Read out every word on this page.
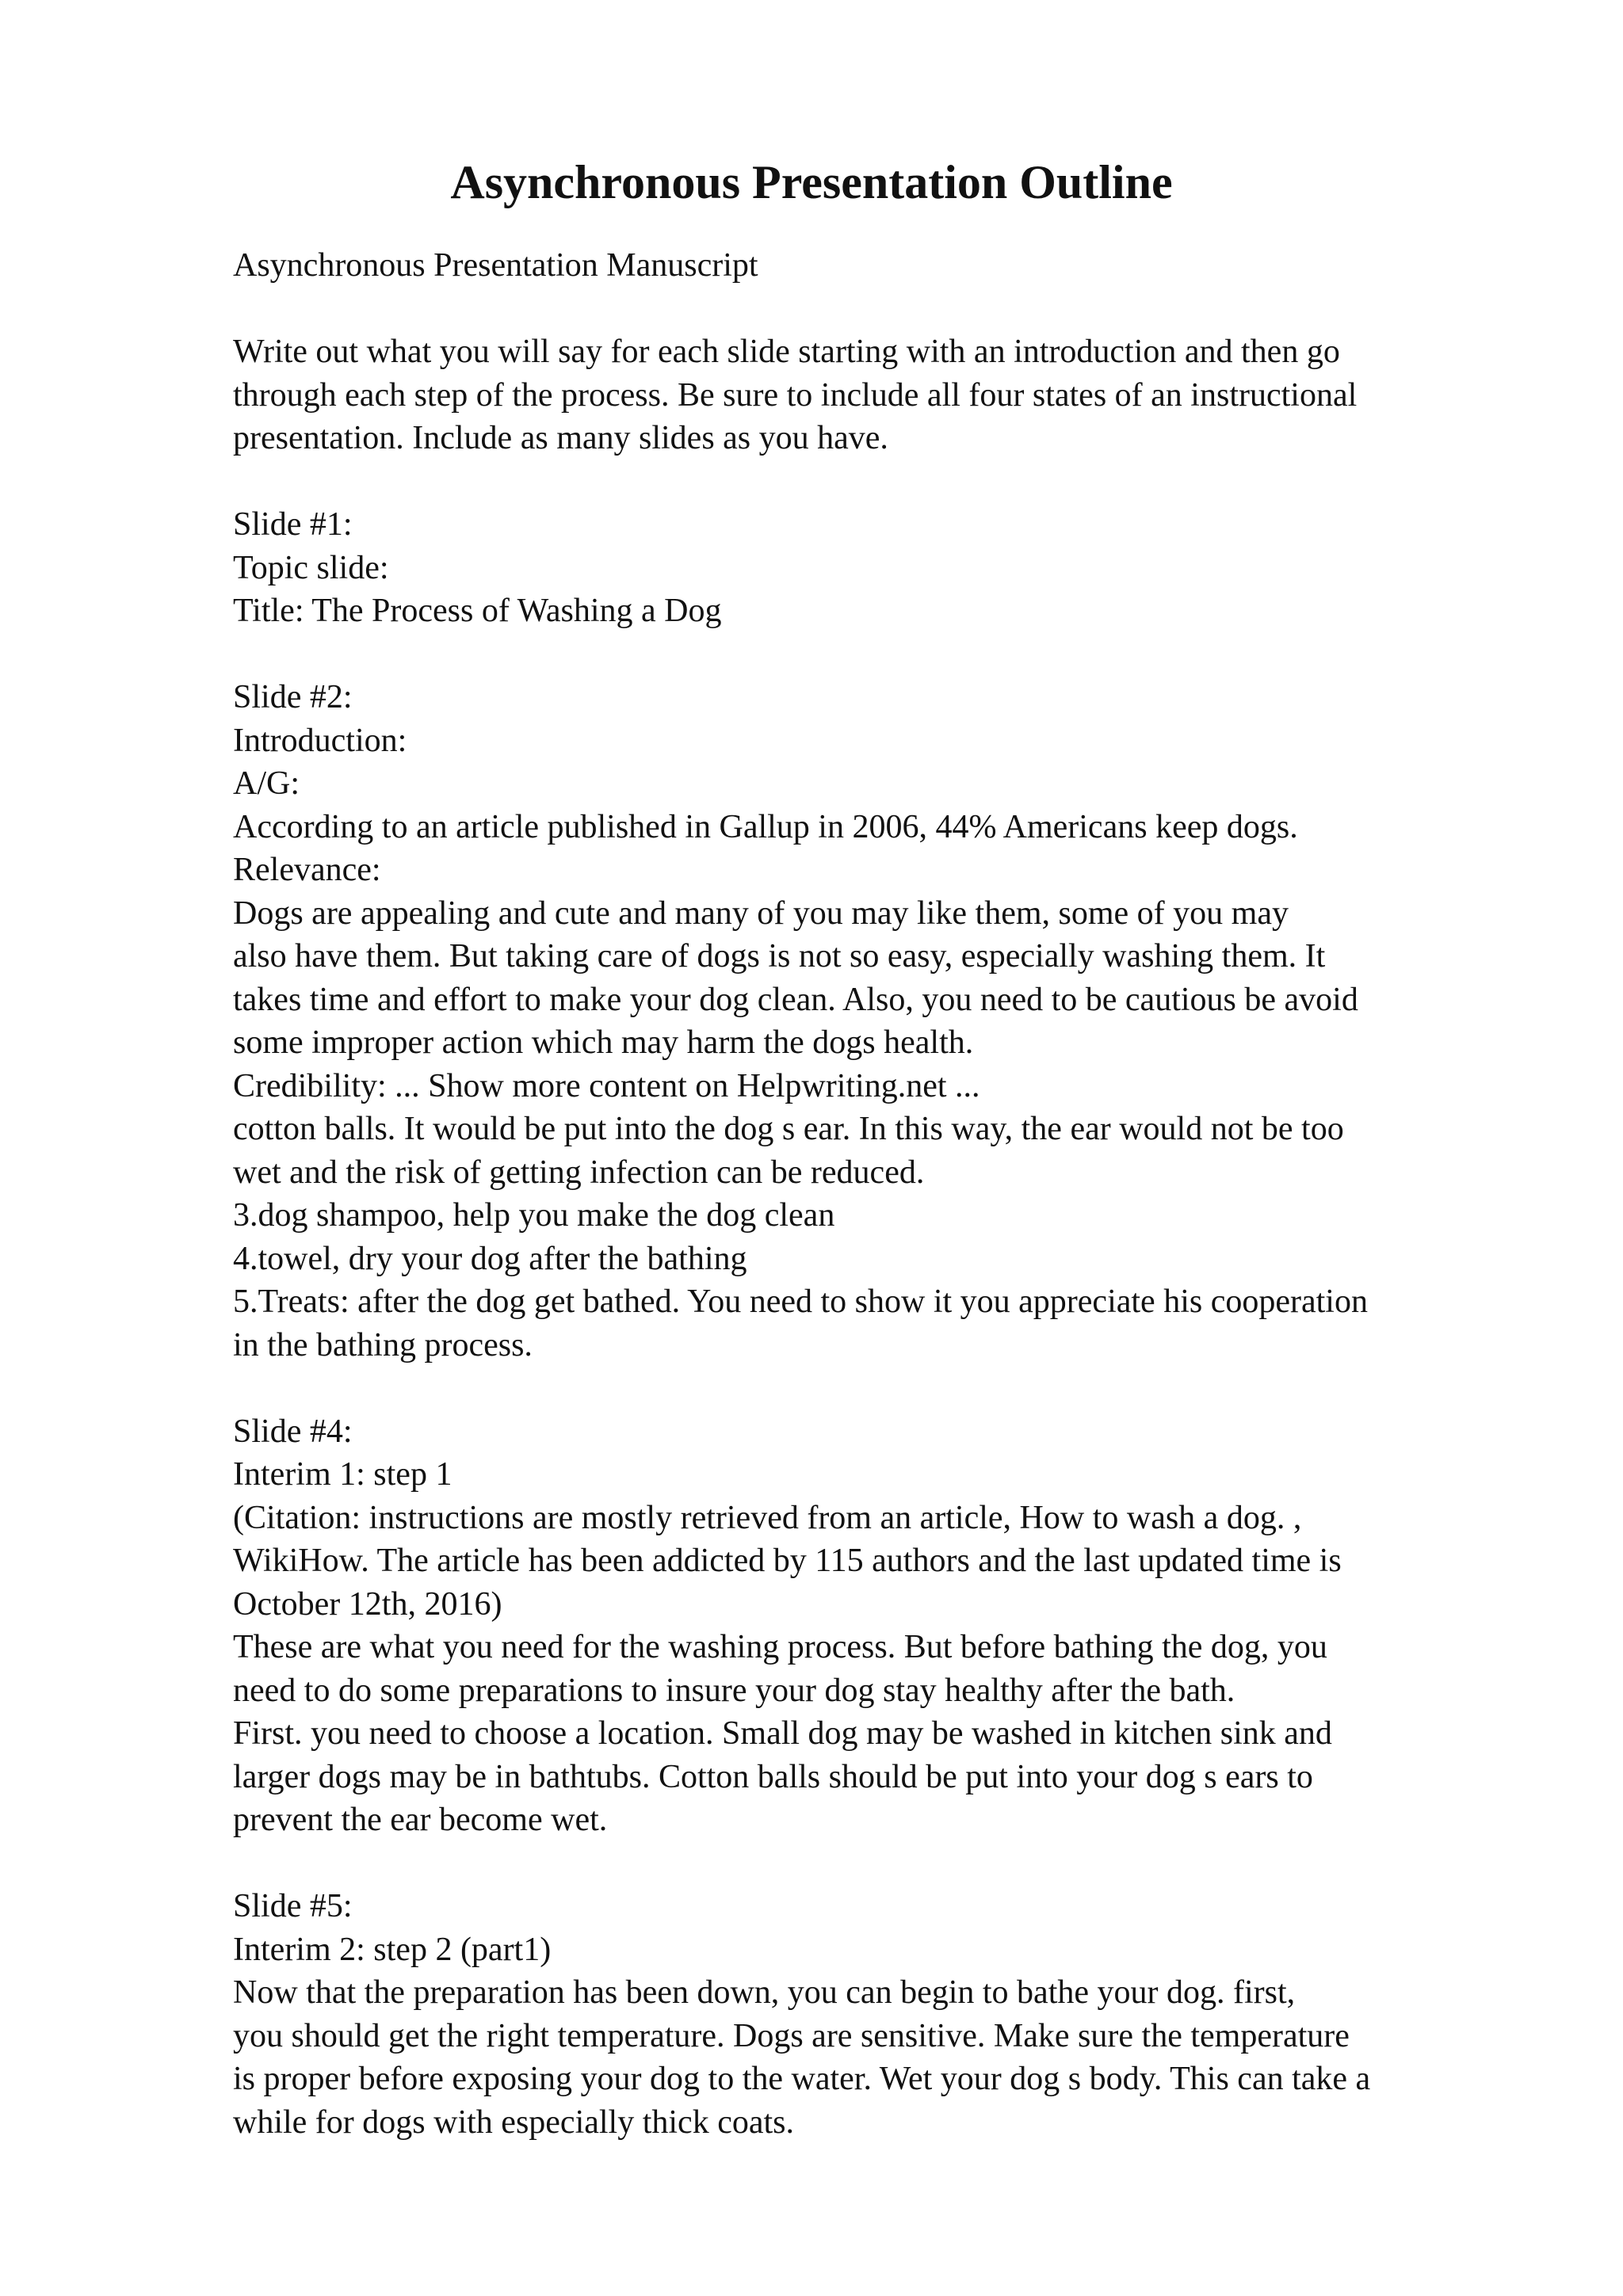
Asynchronous Presentation Outline
Asynchronous Presentation Manuscript
Write out what you will say for each slide starting with an introduction and then go
through each step of the process. Be sure to include all four states of an instructional
presentation. Include as many slides as you have.
Slide #1:
Topic slide:
Title: The Process of Washing a Dog
Slide #2:
Introduction:
A/G:
According to an article published in Gallup in 2006, 44% Americans keep dogs.
Relevance:
Dogs are appealing and cute and many of you may like them, some of you may
also have them. But taking care of dogs is not so easy, especially washing them. It
takes time and effort to make your dog clean. Also, you need to be cautious be avoid
some improper action which may harm the dogs health.
Credibility: ... Show more content on Helpwriting.net ...
cotton balls. It would be put into the dog s ear. In this way, the ear would not be too
wet and the risk of getting infection can be reduced.
3.dog shampoo, help you make the dog clean
4.towel, dry your dog after the bathing
5.Treats: after the dog get bathed. You need to show it you appreciate his cooperation
in the bathing process.
Slide #4:
Interim 1: step 1
(Citation: instructions are mostly retrieved from an article, How to wash a dog. ,
WikiHow. The article has been addicted by 115 authors and the last updated time is
October 12th, 2016)
These are what you need for the washing process. But before bathing the dog, you
need to do some preparations to insure your dog stay healthy after the bath.
First. you need to choose a location. Small dog may be washed in kitchen sink and
larger dogs may be in bathtubs. Cotton balls should be put into your dog s ears to
prevent the ear become wet.
Slide #5:
Interim 2: step 2 (part1)
Now that the preparation has been down, you can begin to bathe your dog. first,
you should get the right temperature. Dogs are sensitive. Make sure the temperature
is proper before exposing your dog to the water. Wet your dog s body. This can take a
while for dogs with especially thick coats.
